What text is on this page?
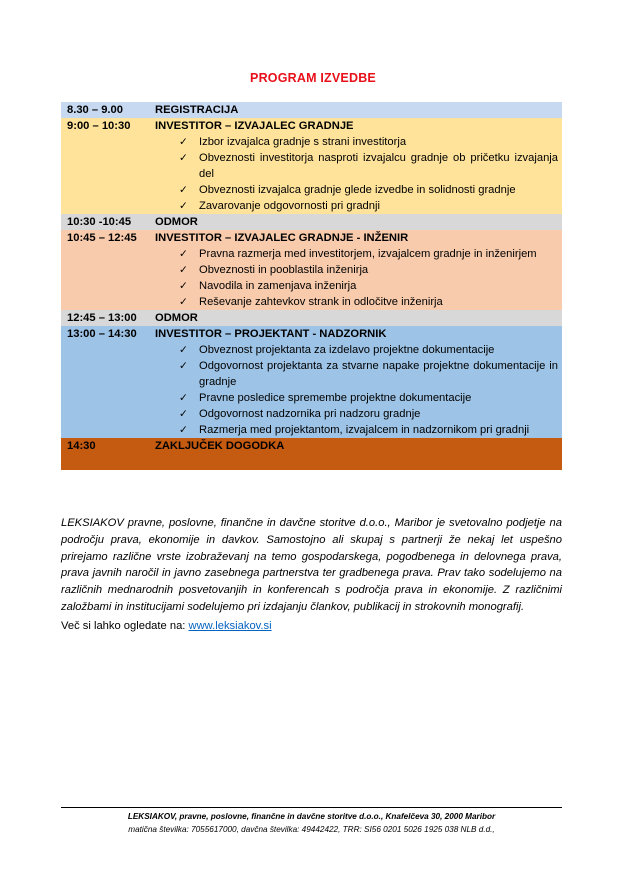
PROGRAM IZVEDBE
8.30 – 9.00	REGISTRACIJA
9:00 – 10:30	INVESTITOR – IZVAJALEC GRADNJE
✓ Izbor izvajalca gradnje s strani investitorja
✓ Obveznosti investitorja nasproti izvajalcu gradnje ob pričetku izvajanja del
✓ Obveznosti izvajalca gradnje glede izvedbe in solidnosti gradnje
✓ Zavarovanje odgovornosti pri gradnji
10:30 -10:45	ODMOR
10:45 – 12:45	INVESTITOR – IZVAJALEC GRADNJE - INŽENIR
✓ Pravna razmerja med investitorjem, izvajalcem gradnje in inženirjem
✓ Obveznosti in pooblastila inženirja
✓ Navodila in zamenjava inženirja
✓ Reševanje zahtevkov strank in odločitve inženirja
12:45 – 13:00	ODMOR
13:00 – 14:30	INVESTITOR – PROJEKTANT - NADZORNIK
✓ Obveznost projektanta za izdelavo projektne dokumentacije
✓ Odgovornost projektanta za stvarne napake projektne dokumentacije in gradnje
✓ Pravne posledice spremembe projektne dokumentacije
✓ Odgovornost nadzornika pri nadzoru gradnje
✓ Razmerja med projektantom, izvajalcem in nadzornikom pri gradnji
14:30	ZAKLJUČEK DOGODKA

LEKSIAKOV pravne, poslovne, finančne in davčne storitve d.o.o., Maribor je svetovalno podjetje na področju prava, ekonomije in davkov. Samostojno ali skupaj s partnerji že nekaj let uspešno prirejamo različne vrste izobraževanj na temo gospodarskega, pogodbenega in delovnega prava, prava javnih naročil in javno zasebnega partnerstva ter gradbenega prava. Prav tako sodelujemo na različnih mednarodnih posvetovanjih in konferencah s področja prava in ekonomije. Z različnimi založbami in institucijami sodelujemo pri izdajanju člankov, publikacij in strokovnih monografij.

Več si lahko ogledate na: www.leksiakov.si
LEKSIAKOV, pravne, poslovne, finančne in davčne storitve d.o.o., Knafelčeva 30, 2000 Maribor
matična številka: 7055617000, davčna številka: 49442422, TRR: SI56 0201 5026 1925 038 NLB d.d.,
